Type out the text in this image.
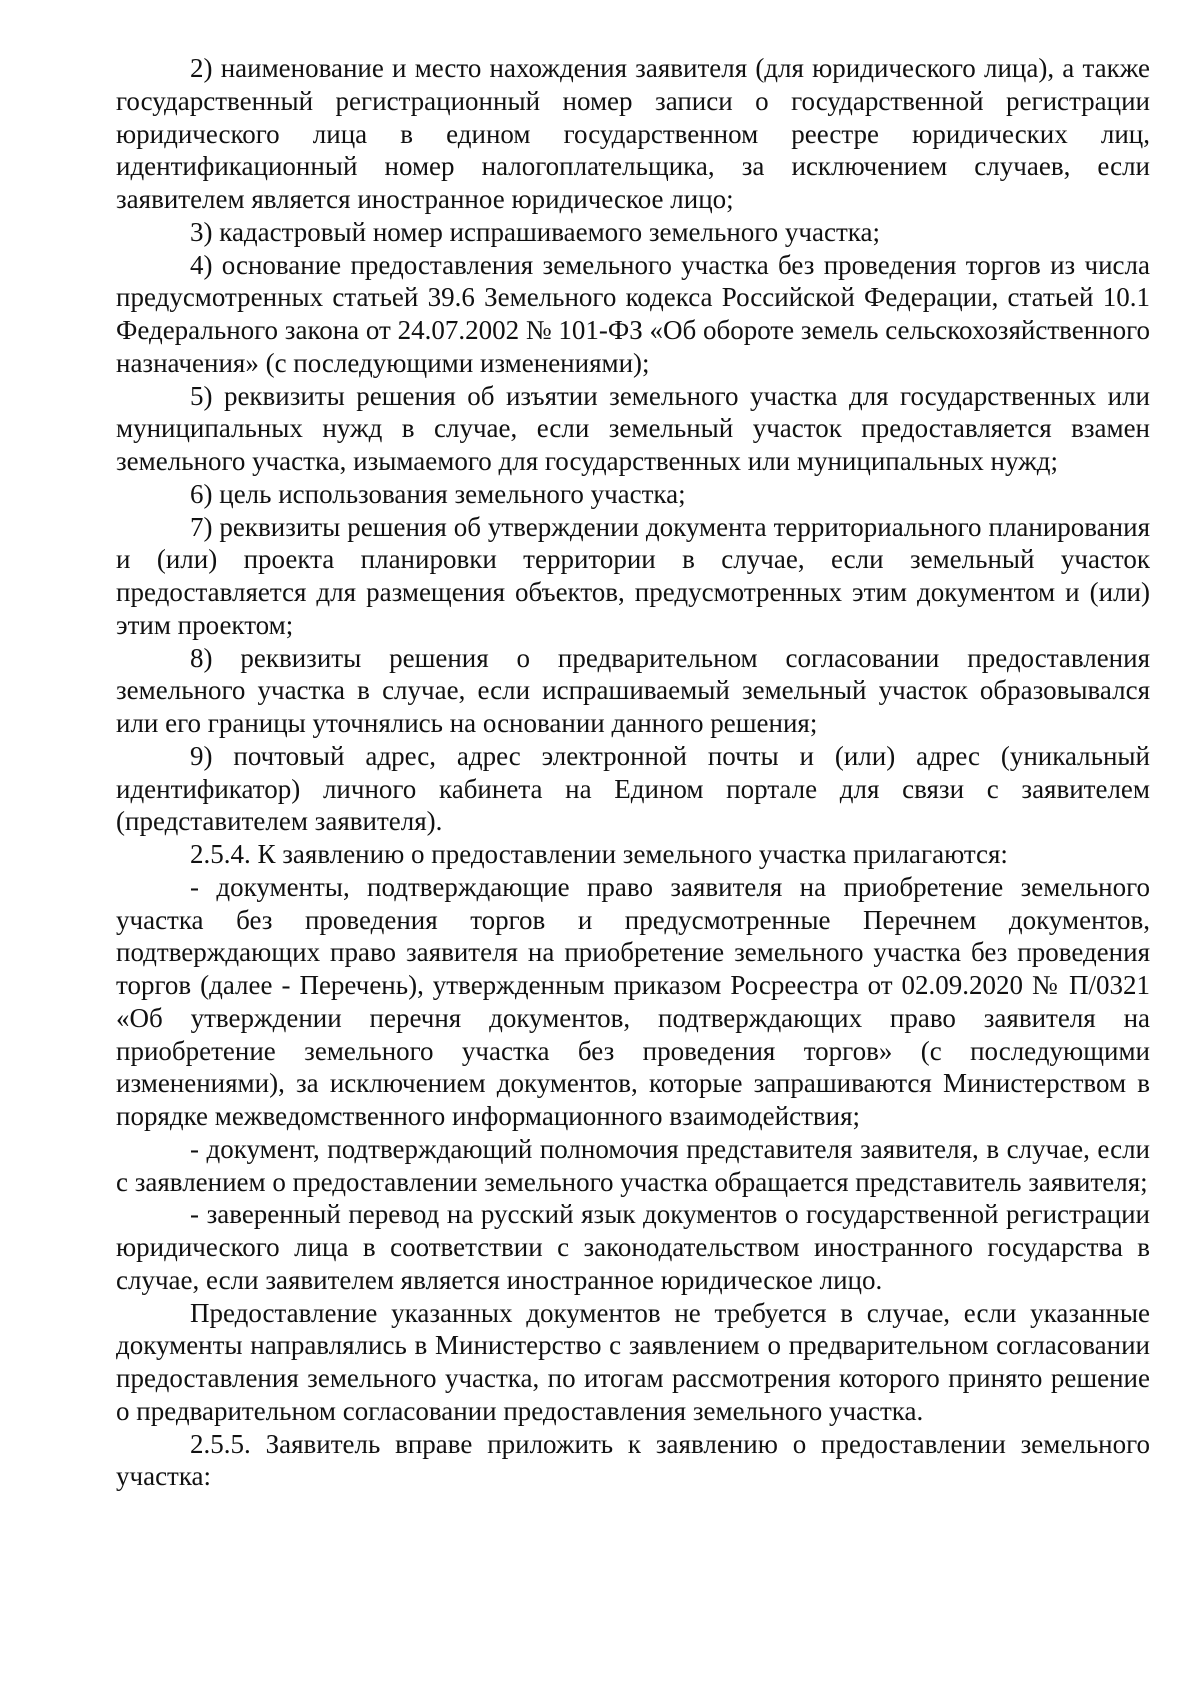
2) наименование и место нахождения заявителя (для юридического лица), а также государственный регистрационный номер записи о государственной регистрации юридического лица в едином государственном реестре юридических лиц, идентификационный номер налогоплательщика, за исключением случаев, если заявителем является иностранное юридическое лицо;

3) кадастровый номер испрашиваемого земельного участка;

4) основание предоставления земельного участка без проведения торгов из числа предусмотренных статьей 39.6 Земельного кодекса Российской Федерации, статьей 10.1 Федерального закона от 24.07.2002 № 101-ФЗ «Об обороте земель сельскохозяйственного назначения» (с последующими изменениями);

5) реквизиты решения об изъятии земельного участка для государственных или муниципальных нужд в случае, если земельный участок предоставляется взамен земельного участка, изымаемого для государственных или муниципальных нужд;

6) цель использования земельного участка;

7) реквизиты решения об утверждении документа территориального планирования и (или) проекта планировки территории в случае, если земельный участок предоставляется для размещения объектов, предусмотренных этим документом и (или) этим проектом;

8) реквизиты решения о предварительном согласовании предоставления земельного участка в случае, если испрашиваемый земельный участок образовывался или его границы уточнялись на основании данного решения;

9) почтовый адрес, адрес электронной почты и (или) адрес (уникальный идентификатор) личного кабинета на Едином портале для связи с заявителем (представителем заявителя).

2.5.4. К заявлению о предоставлении земельного участка прилагаются:

- документы, подтверждающие право заявителя на приобретение земельного участка без проведения торгов и предусмотренные Перечнем документов, подтверждающих право заявителя на приобретение земельного участка без проведения торгов (далее - Перечень), утвержденным приказом Росреестра от 02.09.2020 № П/0321 «Об утверждении перечня документов, подтверждающих право заявителя на приобретение земельного участка без проведения торгов» (с последующими изменениями), за исключением документов, которые запрашиваются Министерством в порядке межведомственного информационного взаимодействия;

- документ, подтверждающий полномочия представителя заявителя, в случае, если с заявлением о предоставлении земельного участка обращается представитель заявителя;

- заверенный перевод на русский язык документов о государственной регистрации юридического лица в соответствии с законодательством иностранного государства в случае, если заявителем является иностранное юридическое лицо.

Предоставление указанных документов не требуется в случае, если указанные документы направлялись в Министерство с заявлением о предварительном согласовании предоставления земельного участка, по итогам рассмотрения которого принято решение о предварительном согласовании предоставления земельного участка.

2.5.5. Заявитель вправе приложить к заявлению о предоставлении земельного участка:
